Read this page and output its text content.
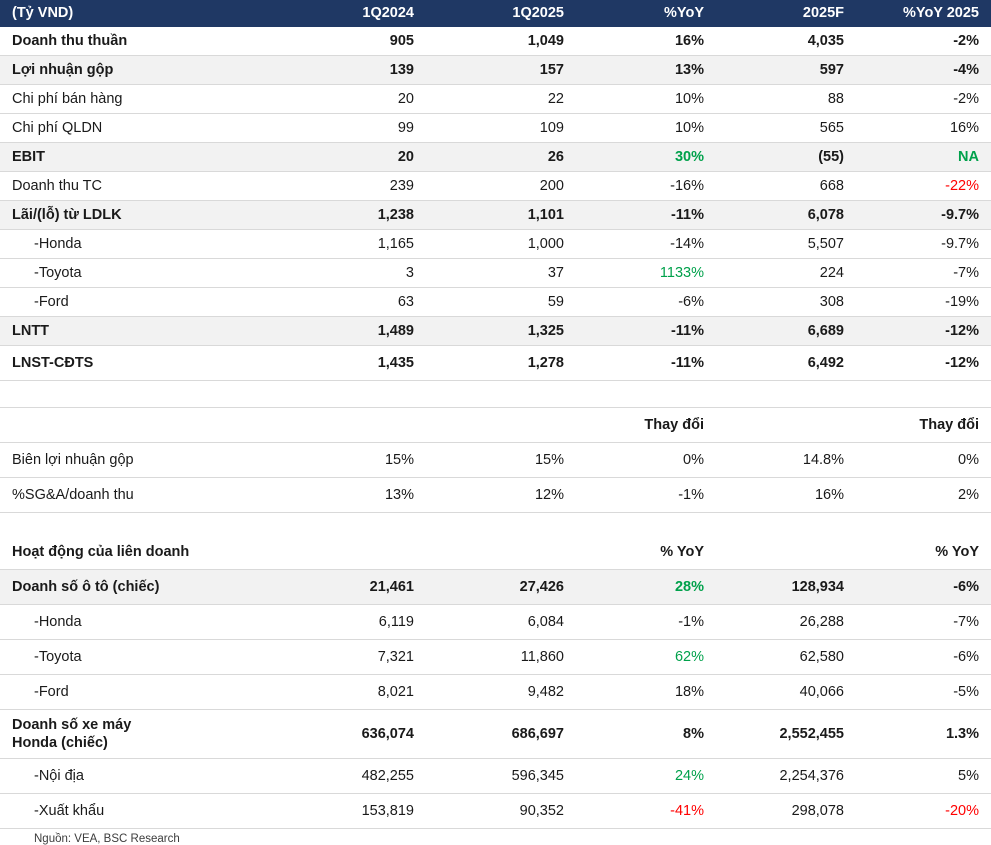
(Tỷ VND)	1Q2024	1Q2025	%YoY	2025F	%YoY 2025
Doanh thu thuần	905	1,049	16%	4,035	-2%
Lợi nhuận gộp	139	157	13%	597	-4%
Chi phí bán hàng	20	22	10%	88	-2%
Chi phí QLDN	99	109	10%	565	16%
EBIT	20	26	30%	(55)	NA
Doanh thu TC	239	200	-16%	668	-22%
Lãi/(lỗ) từ LDLK	1,238	1,101	-11%	6,078	-9.7%
-Honda	1,165	1,000	-14%	5,507	-9.7%
-Toyota	3	37	1133%	224	-7%
-Ford	63	59	-6%	308	-19%
LNTT	1,489	1,325	-11%	6,689	-12%
LNST-CĐTS	1,435	1,278	-11%	6,492	-12%

			Thay đổi		Thay đổi
Biên lợi nhuận gộp	15%	15%	0%	14.8%	0%
%SG&A/doanh thu	13%	12%	-1%	16%	2%

Hoạt động của liên doanh			% YoY		% YoY
Doanh số ô tô (chiếc)	21,461	27,426	28%	128,934	-6%
-Honda	6,119	6,084	-1%	26,288	-7%
-Toyota	7,321	11,860	62%	62,580	-6%
-Ford	8,021	9,482	18%	40,066	-5%
Doanh số xe máy
Honda (chiếc)	636,074	686,697	8%	2,552,455	1.3%
-Nội địa	482,255	596,345	24%	2,254,376	5%
-Xuất khẩu	153,819	90,352	-41%	298,078	-20%
Nguồn: VEA, BSC Research
